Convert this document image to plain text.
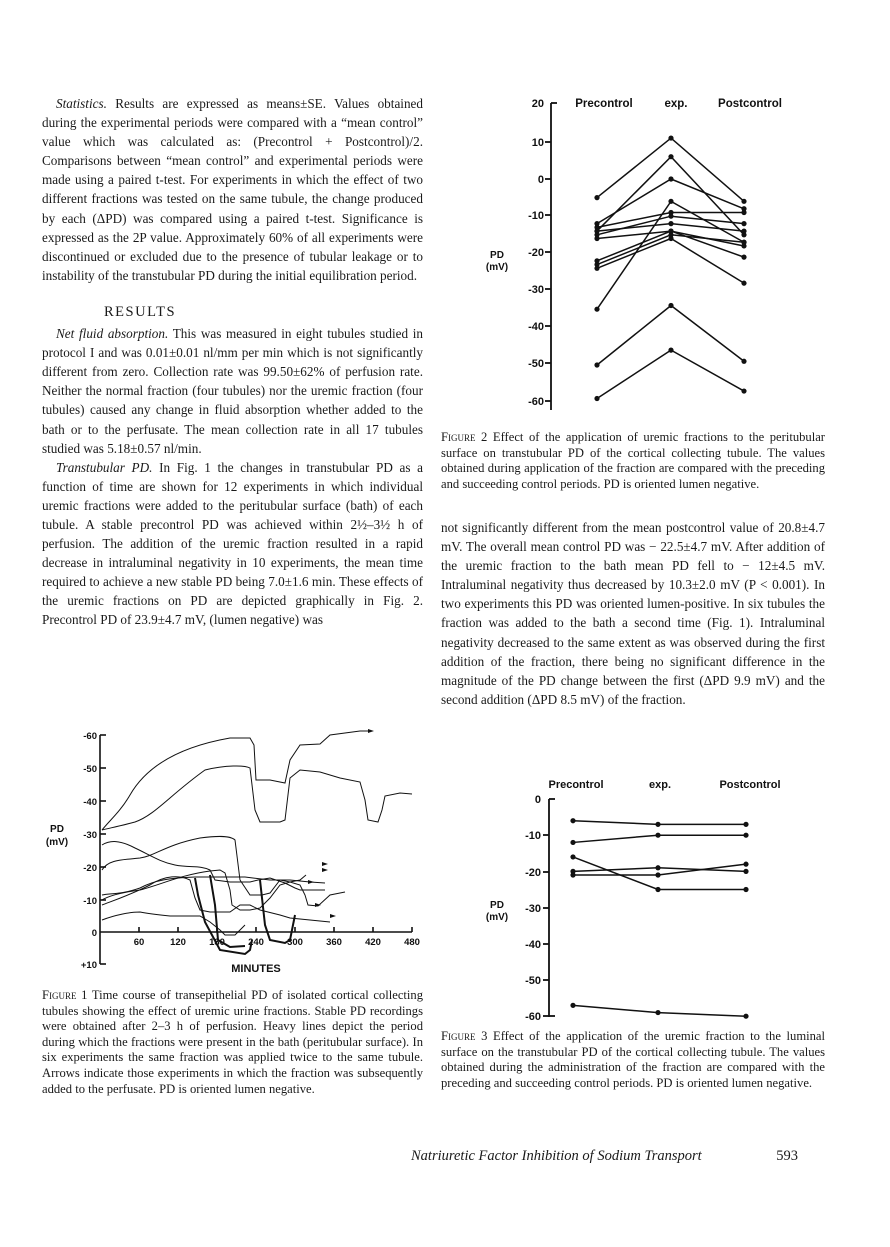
Statistics. Results are expressed as means±SE. Values obtained during the experimental periods were compared with a “mean control” value which was calculated as: (Precontrol + Postcontrol)/2. Comparisons between “mean control” and experimental periods were made using a paired t-test. For experiments in which the effect of two different fractions was tested on the same tubule, the change produced by each (ΔPD) was compared using a paired t-test. Significance is expressed as the 2P value. Approximately 60% of all experiments were discontinued or excluded due to the presence of tubular leakage or to instability of the transtubular PD during the initial equilibration period.

RESULTS

Net fluid absorption. This was measured in eight tubules studied in protocol I and was 0.01±0.01 nl/mm per min which is not significantly different from zero. Collection rate was 99.50±62% of perfusion rate. Neither the normal fraction (four tubules) nor the uremic fraction (four tubules) caused any change in fluid absorption whether added to the bath or to the perfusate. The mean collection rate in all 17 tubules studied was 5.18±0.57 nl/min.

Transtubular PD. In Fig. 1 the changes in transtubular PD as a function of time are shown for 12 experiments in which individual uremic fractions were added to the peritubular surface (bath) of each tubule. A stable precontrol PD was achieved within 2½–3½ h of perfusion. The addition of the uremic fraction resulted in a rapid decrease in intraluminal negativity in 10 experiments, the mean time required to achieve a new stable PD being 7.0±1.6 min. These effects of the uremic fractions on PD are depicted graphically in Fig. 2. Precontrol PD of 23.9±4.7 mV, (lumen negative) was

-60
-50
-40
-30
-20
-10
0
+10
60	120 180 240 300 360 420 480
PD
(mV)
MINUTES
Figure 1 Time course of transepithelial PD of isolated cortical collecting tubules showing the effect of uremic urine fractions. Stable PD recordings were obtained after 2–3 h of perfusion. Heavy lines depict the period during which the fractions were present in the bath (peritubular surface). In six experiments the same fraction was applied twice to the same tubule. Arrows indicate those experiments in which the fraction was subsequently added to the perfusate. PD is oriented lumen negative.
20
10
0
-10
-20
-30
-40
-50
-60
Precontrol	exp.	Postcontrol
PD
(mV)
Figure 2 Effect of the application of uremic fractions to the peritubular surface on transtubular PD of the cortical collecting tubule. The values obtained during application of the fraction are compared with the preceding and succeeding control periods. PD is oriented lumen negative.

not significantly different from the mean postcontrol value of 20.8±4.7 mV. The overall mean control PD was − 22.5±4.7 mV. After addition of the uremic fraction to the bath mean PD fell to − 12±4.5 mV. Intraluminal negativity thus decreased by 10.3±2.0 mV (P < 0.001). In two experiments this PD was oriented lumen-positive. In six tubules the fraction was added to the bath a second time (Fig. 1). Intraluminal negativity decreased to the same extent as was observed during the first addition of the fraction, there being no significant difference in the magnitude of the PD change between the first (ΔPD 9.9 mV) and the second addition (ΔPD 8.5 mV) of the fraction.

0
-10
-20
-30
-40
-50
-60
Precontrol	exp.	Postcontrol
PD
(mV)
Figure 3 Effect of the application of the uremic fraction to the luminal surface on the transtubular PD of the cortical collecting tubule. The values obtained during the administration of the fraction are compared with the preceding and succeeding control periods. PD is oriented lumen negative.
Natriuretic Factor Inhibition of Sodium Transport	593
